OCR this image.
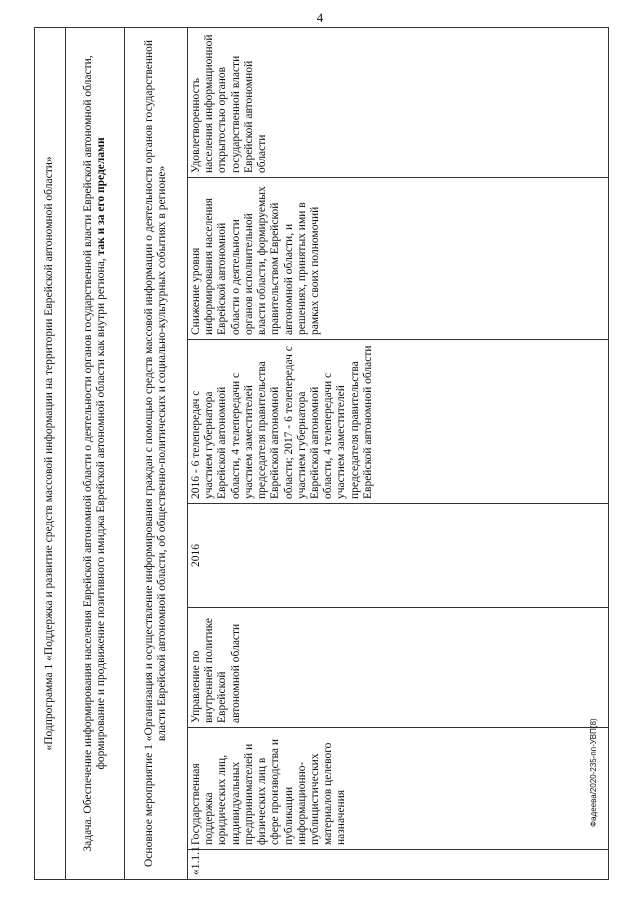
4
«Подпрограмма 1 «Поддержка и развитие средств массовой информации на территории Еврейской автономной области»
Задача. Обеспечение информирования населения Еврейской автономной области о деятельности органов государственной власти Еврейской автономной области, формирование и продвижение позитивного имиджа Еврейской автономной области как внутри региона, так и за его пределами
Основное мероприятие 1 «Организация и осуществление информирования граждан с помощью средств массовой информации о деятельности органов государственной власти Еврейской автономной области, об общественно-политических и социально-культурных событиях в регионе»
«1.1.1	Государственная поддержка юридических лиц, индивидуальных предпринимателей и физических лиц в сфере производства и публикации информационно-публицистических материалов целевого назначения	Управление по внутренней политике Еврейской автономной области	2016	2016 - 6 телепередач с участием губернатора Еврейской автономной области, 4 телепередачи с участием заместителей председателя правительства Еврейской автономной области; 2017 - 6 телепередач с участием губернатора Еврейской автономной области, 4 телепередачи с участием заместителей председателя правительства Еврейской автономной области	Снижение уровня информирования населения Еврейской автономной области о деятельности органов исполнительной власти области, формируемых правительством Еврейской автономной области, и решениях, принятых ими в рамках своих полномочий	Удовлетворенность населения информационной открытостью органов государственной власти Еврейской автономной области
Фадеева/2020-235-пп-УВП(8)
